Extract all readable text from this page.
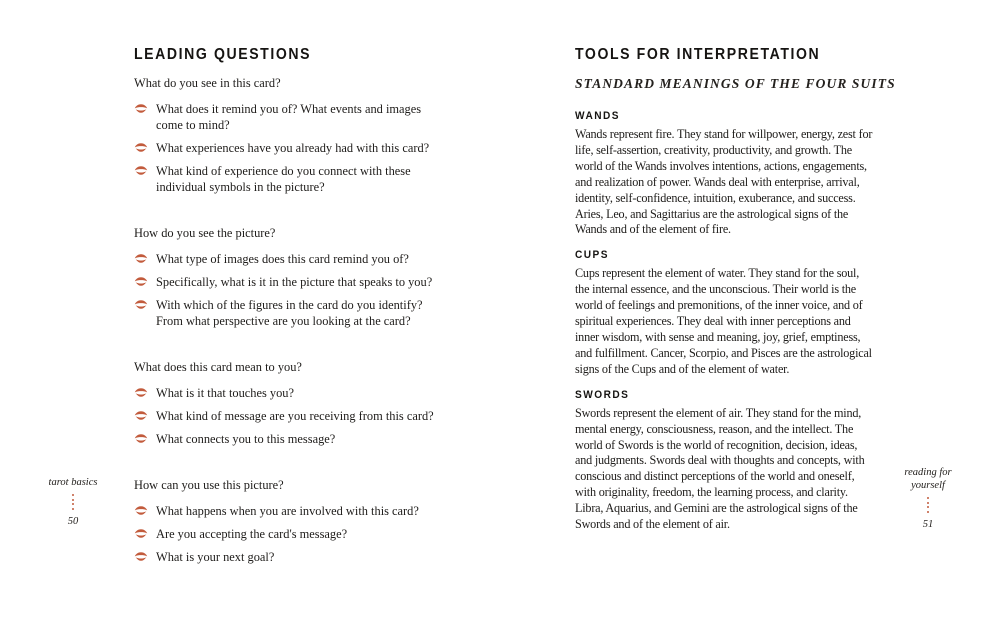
LEADING QUESTIONS

What do you see in this card?

What does it remind you of? What events and images come to mind?
What experiences have you already had with this card?
What kind of experience do you connect with these individual symbols in the picture?

How do you see the picture?

What type of images does this card remind you of?
Specifically, what is it in the picture that speaks to you?
With which of the figures in the card do you identify? From what perspective are you looking at the card?

What does this card mean to you?

What is it that touches you?
What kind of message are you receiving from this card?
What connects you to this message?

How can you use this picture?

What happens when you are involved with this card?
Are you accepting the card's message?
What is your next goal?
TOOLS FOR INTERPRETATION
STANDARD MEANINGS OF THE FOUR SUITS
WANDS

Wands represent fire. They stand for willpower, energy, zest for life, self-assertion, creativity, productivity, and growth. The world of the Wands involves intentions, actions, engagements, and realization of power. Wands deal with enterprise, arrival, identity, self-confidence, intuition, exuberance, and success. Aries, Leo, and Sagittarius are the astrological signs of the Wands and of the element of fire.

CUPS

Cups represent the element of water. They stand for the soul, the internal essence, and the unconscious. Their world is the world of feelings and premonitions, of the inner voice, and of spiritual experiences. They deal with inner perceptions and inner wisdom, with sense and meaning, joy, grief, emptiness, and fulfillment. Cancer, Scorpio, and Pisces are the astrological signs of the Cups and of the element of water.

SWORDS

Swords represent the element of air. They stand for the mind, mental energy, consciousness, reason, and the intellect. The world of Swords is the world of recognition, decision, ideas, and judgments. Swords deal with thoughts and concepts, with conscious and distinct perceptions of the world and oneself, with originality, freedom, the learning process, and clarity. Libra, Aquarius, and Gemini are the astrological signs of the Swords and of the element of air.

tarot basics
50
reading for yourself
51
